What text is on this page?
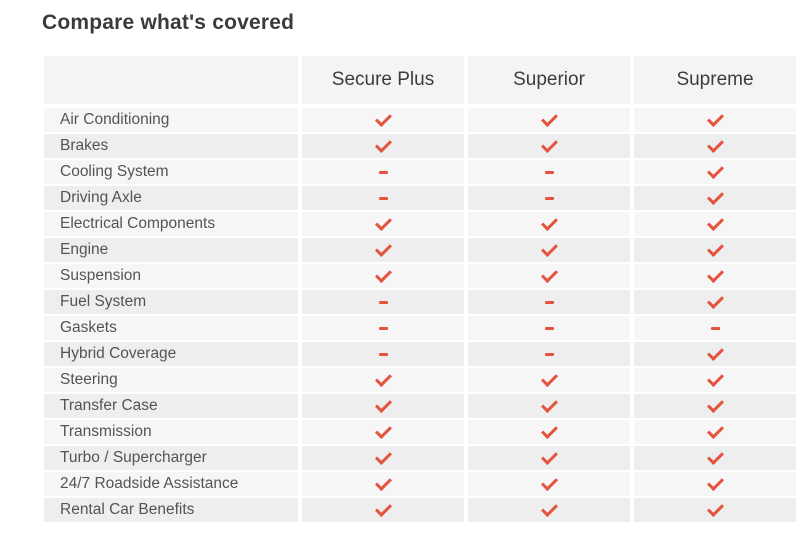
Compare what's covered
Secure Plus	Superior	Supreme
Air Conditioning
Brakes
Cooling System
Driving Axle
Electrical Components
Engine
Suspension
Fuel System
Gaskets
Hybrid Coverage
Steering
Transfer Case
Transmission
Turbo / Supercharger
24/7 Roadside Assistance
Rental Car Benefits
